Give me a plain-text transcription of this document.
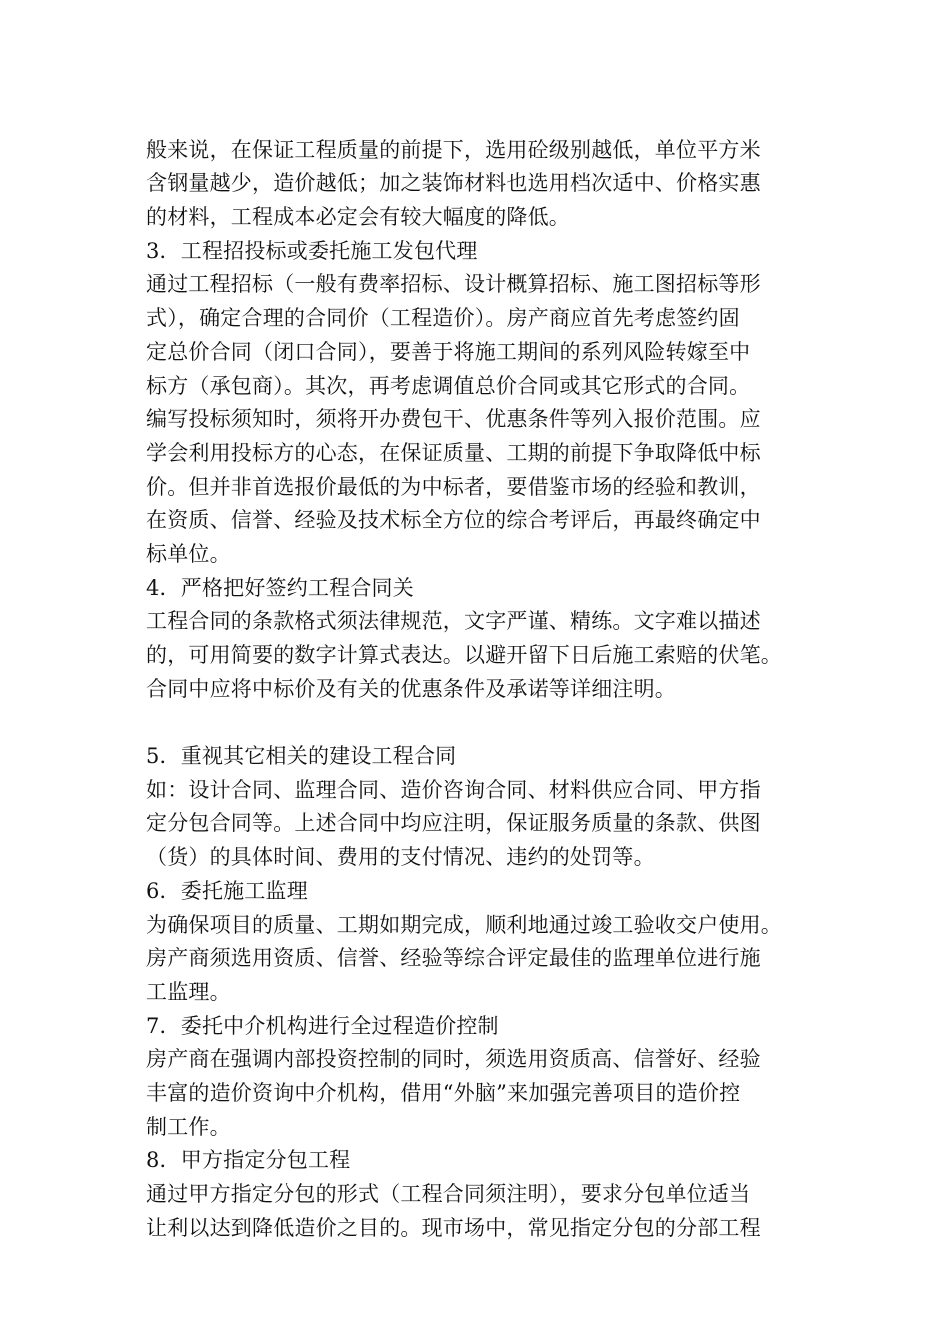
般来说，在保证工程质量的前提下，选用砼级别越低，单位平方米
含钢量越少，造价越低；加之装饰材料也选用档次适中、价格实惠
的材料，工程成本必定会有较大幅度的降低。
3．工程招投标或委托施工发包代理
通过工程招标（一般有费率招标、设计概算招标、施工图招标等形
式），确定合理的合同价（工程造价）。房产商应首先考虑签约固
定总价合同（闭口合同），要善于将施工期间的系列风险转嫁至中
标方（承包商）。其次，再考虑调值总价合同或其它形式的合同。
编写投标须知时，须将开办费包干、优惠条件等列入报价范围。应
学会利用投标方的心态，在保证质量、工期的前提下争取降低中标
价。但并非首选报价最低的为中标者，要借鉴市场的经验和教训，
在资质、信誉、经验及技术标全方位的综合考评后，再最终确定中
标单位。
4．严格把好签约工程合同关
工程合同的条款格式须法律规范，文字严谨、精练。文字难以描述
的，可用简要的数字计算式表达。以避开留下日后施工索赔的伏笔。
合同中应将中标价及有关的优惠条件及承诺等详细注明。
5．重视其它相关的建设工程合同
如：设计合同、监理合同、造价咨询合同、材料供应合同、甲方指
定分包合同等。上述合同中均应注明，保证服务质量的条款、供图
（货）的具体时间、费用的支付情况、违约的处罚等。
6．委托施工监理
为确保项目的质量、工期如期完成，顺利地通过竣工验收交户使用。
房产商须选用资质、信誉、经验等综合评定最佳的监理单位进行施
工监理。
7．委托中介机构进行全过程造价控制
房产商在强调内部投资控制的同时，须选用资质高、信誉好、经验
丰富的造价资询中介机构，借用“外脑”来加强完善项目的造价控
制工作。
8．甲方指定分包工程
通过甲方指定分包的形式（工程合同须注明），要求分包单位适当
让利以达到降低造价之目的。现市场中，常见指定分包的分部工程
